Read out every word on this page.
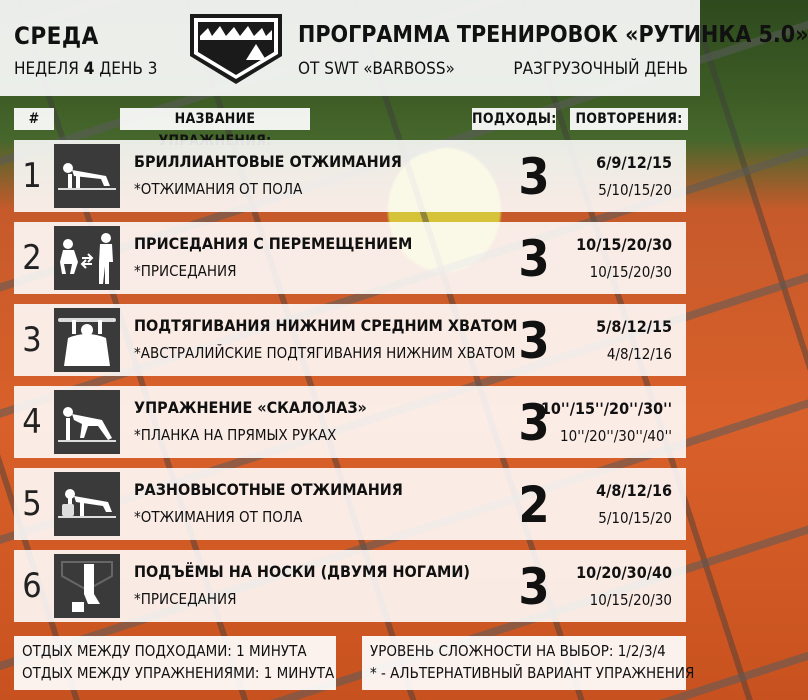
СРЕДА
НЕДЕЛЯ 4 ДЕНЬ 3
ПРОГРАММА ТРЕНИРОВОК «РУТИНКА 5.0»
ОТ SWT «BARBOSS»	РАЗГРУЗОЧНЫЙ ДЕНЬ
#	НАЗВАНИЕ	ПОДХОДЫ:	ПОВТОРЕНИЯ:
1	БРИЛЛИАНТОВЫЕ ОТЖИМАНИЯ
*ОТЖИМАНИЯ ОТ ПОЛА	3	6/9/12/15
5/10/15/20
2	ПРИСЕДАНИЯ С ПЕРЕМЕЩЕНИЕМ
*ПРИСЕДАНИЯ	3	10/15/20/30
10/15/20/30
3	ПОДТЯГИВАНИЯ НИЖНИМ СРЕДНИМ ХВАТОМ
*АВСТРАЛИЙСКИЕ ПОДТЯГИВАНИЯ НИЖНИМ ХВАТОМ 3	5/8/12/15
4/8/12/16
4	УПРАЖНЕНИЕ «СКАЛОЛАЗ»
*ПЛАНКА НА ПРЯМЫХ РУКАХ	3
10''/15''/20''/30''
10''/20''/30''/40''
5	РАЗНОВЫСОТНЫЕ ОТЖИМАНИЯ
*ОТЖИМАНИЯ ОТ ПОЛА	2	4/8/12/16
5/10/15/20
6	ПОДЪЁМЫ НА НОСКИ (ДВУМЯ НОГАМИ)
*ПРИСЕДАНИЯ	3	10/20/30/40
10/15/20/30
ОТДЫХ МЕЖДУ ПОДХОДАМИ: 1 МИНУТА
ОТДЫХ МЕЖДУ УПРАЖНЕНИЯМИ: 1 МИНУТА
УРОВЕНЬ СЛОЖНОСТИ НА ВЫБОР: 1/2/3/4
* - АЛЬТЕРНАТИВНЫЙ ВАРИАНТ УПРАЖНЕНИЯ
